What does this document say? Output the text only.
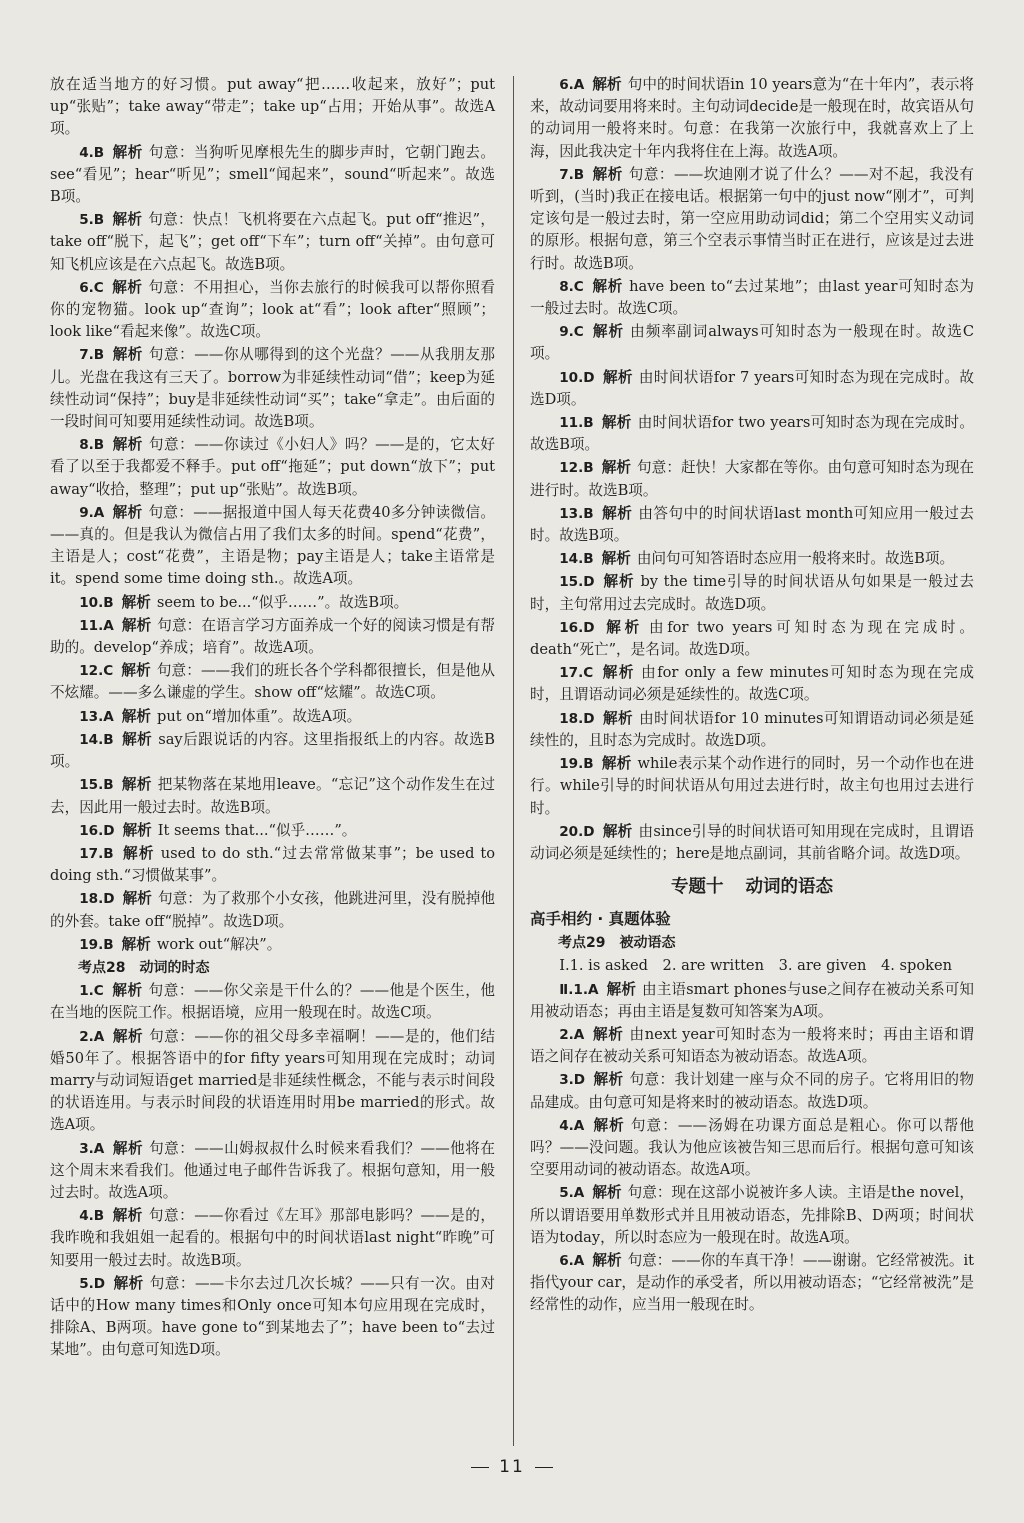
放在适当地方的好习惯。put away“把……收起来，放好”；put up“张贴”；take away“带走”；take up“占用；开始从事”。故选A项。

4.B 解析 句意：当狗听见摩根先生的脚步声时，它朝门跑去。see“看见”；hear“听见”；smell“闻起来”，sound“听起来”。故选B项。

5.B 解析 句意：快点！飞机将要在六点起飞。put off“推迟”，take off“脱下，起飞”；get off“下车”；turn off“关掉”。由句意可知飞机应该是在六点起飞。故选B项。

6.C 解析 句意：不用担心，当你去旅行的时候我可以帮你照看你的宠物猫。look up“查询”；look at“看”；look after“照顾”；look like“看起来像”。故选C项。

7.B 解析 句意：——你从哪得到的这个光盘？——从我朋友那儿。光盘在我这有三天了。borrow为非延续性动词“借”；keep为延续性动词“保持”；buy是非延续性动词“买”；take“拿走”。由后面的一段时间可知要用延续性动词。故选B项。

8.B 解析 句意：——你读过《小妇人》吗？——是的，它太好看了以至于我都爱不释手。put off“拖延”；put down“放下”；put away“收拾，整理”；put up“张贴”。故选B项。

9.A 解析 句意：——据报道中国人每天花费40多分钟读微信。——真的。但是我认为微信占用了我们太多的时间。spend“花费”，主语是人；cost“花费”，主语是物；pay主语是人；take主语常是it。spend some time doing sth.。故选A项。

10.B 解析 seem to be...“似乎……”。故选B项。

11.A 解析 句意：在语言学习方面养成一个好的阅读习惯是有帮助的。develop“养成；培育”。故选A项。

12.C 解析 句意：——我们的班长各个学科都很擅长，但是他从不炫耀。——多么谦虚的学生。show off“炫耀”。故选C项。

13.A 解析 put on“增加体重”。故选A项。

14.B 解析 say后跟说话的内容。这里指报纸上的内容。故选B项。

15.B 解析 把某物落在某地用leave。“忘记”这个动作发生在过去，因此用一般过去时。故选B项。

16.D 解析 It seems that...“似乎……”。

17.B 解析 used to do sth.“过去常常做某事”；be used to doing sth.“习惯做某事”。

18.D 解析 句意：为了救那个小女孩，他跳进河里，没有脱掉他的外套。take off“脱掉”。故选D项。

19.B 解析 work out“解决”。

考点28　动词的时态

1.C 解析 句意：——你父亲是干什么的？——他是个医生，他在当地的医院工作。根据语境，应用一般现在时。故选C项。

2.A 解析 句意：——你的祖父母多幸福啊！——是的，他们结婚50年了。根据答语中的for fifty years可知用现在完成时；动词marry与动词短语get married是非延续性概念，不能与表示时间段的状语连用。与表示时间段的状语连用时用be married的形式。故选A项。

3.A 解析 句意：——山姆叔叔什么时候来看我们？——他将在这个周末来看我们。他通过电子邮件告诉我了。根据句意知，用一般过去时。故选A项。

4.B 解析 句意：——你看过《左耳》那部电影吗？——是的，我昨晚和我姐姐一起看的。根据句中的时间状语last night“昨晚”可知要用一般过去时。故选B项。

5.D 解析 句意：——卡尔去过几次长城？——只有一次。由对话中的How many times和Only once可知本句应用现在完成时，排除A、B两项。have gone to“到某地去了”；have been to“去过某地”。由句意可知选D项。

6.A 解析 句中的时间状语in 10 years意为“在十年内”，表示将来，故动词要用将来时。主句动词decide是一般现在时，故宾语从句的动词用一般将来时。句意：在我第一次旅行中，我就喜欢上了上海，因此我决定十年内我将住在上海。故选A项。

7.B 解析 句意：——坎迪刚才说了什么？——对不起，我没有听到，(当时)我正在接电话。根据第一句中的just now“刚才”，可判定该句是一般过去时，第一空应用助动词did；第二个空用实义动词的原形。根据句意，第三个空表示事情当时正在进行，应该是过去进行时。故选B项。

8.C 解析 have been to“去过某地”；由last year可知时态为一般过去时。故选C项。

9.C 解析 由频率副词always可知时态为一般现在时。故选C项。

10.D 解析 由时间状语for 7 years可知时态为现在完成时。故选D项。

11.B 解析 由时间状语for two years可知时态为现在完成时。故选B项。

12.B 解析 句意：赶快！大家都在等你。由句意可知时态为现在进行时。故选B项。

13.B 解析 由答句中的时间状语last month可知应用一般过去时。故选B项。

14.B 解析 由问句可知答语时态应用一般将来时。故选B项。

15.D 解析 by the time引导的时间状语从句如果是一般过去时，主句常用过去完成时。故选D项。

16.D 解析 由for two years可知时态为现在完成时。death“死亡”，是名词。故选D项。

17.C 解析 由for only a few minutes可知时态为现在完成时，且谓语动词必须是延续性的。故选C项。

18.D 解析 由时间状语for 10 minutes可知谓语动词必须是延续性的，且时态为完成时。故选D项。

19.B 解析 while表示某个动作进行的同时，另一个动作也在进行。while引导的时间状语从句用过去进行时，故主句也用过去进行时。

20.D 解析 由since引导的时间状语可知用现在完成时，且谓语动词必须是延续性的；here是地点副词，其前省略介词。故选D项。

专题十 动词的语态
高手相约 · 真题体验

考点29　被动语态

Ⅰ.1. is asked　2. are written　3. are given　4. spoken

Ⅱ.1.A 解析 由主语smart phones与use之间存在被动关系可知用被动语态；再由主语是复数可知答案为A项。

2.A 解析 由next year可知时态为一般将来时；再由主语和谓语之间存在被动关系可知语态为被动语态。故选A项。

3.D 解析 句意：我计划建一座与众不同的房子。它将用旧的物品建成。由句意可知是将来时的被动语态。故选D项。

4.A 解析 句意：——汤姆在功课方面总是粗心。你可以帮他吗？——没问题。我认为他应该被告知三思而后行。根据句意可知该空要用动词的被动语态。故选A项。

5.A 解析 句意：现在这部小说被许多人读。主语是the novel，所以谓语要用单数形式并且用被动语态，先排除B、D两项；时间状语为today，所以时态应为一般现在时。故选A项。

6.A 解析 句意：——你的车真干净！——谢谢。它经常被洗。it指代your car，是动作的承受者，所以用被动语态；“它经常被洗”是经常性的动作，应当用一般现在时。

11
